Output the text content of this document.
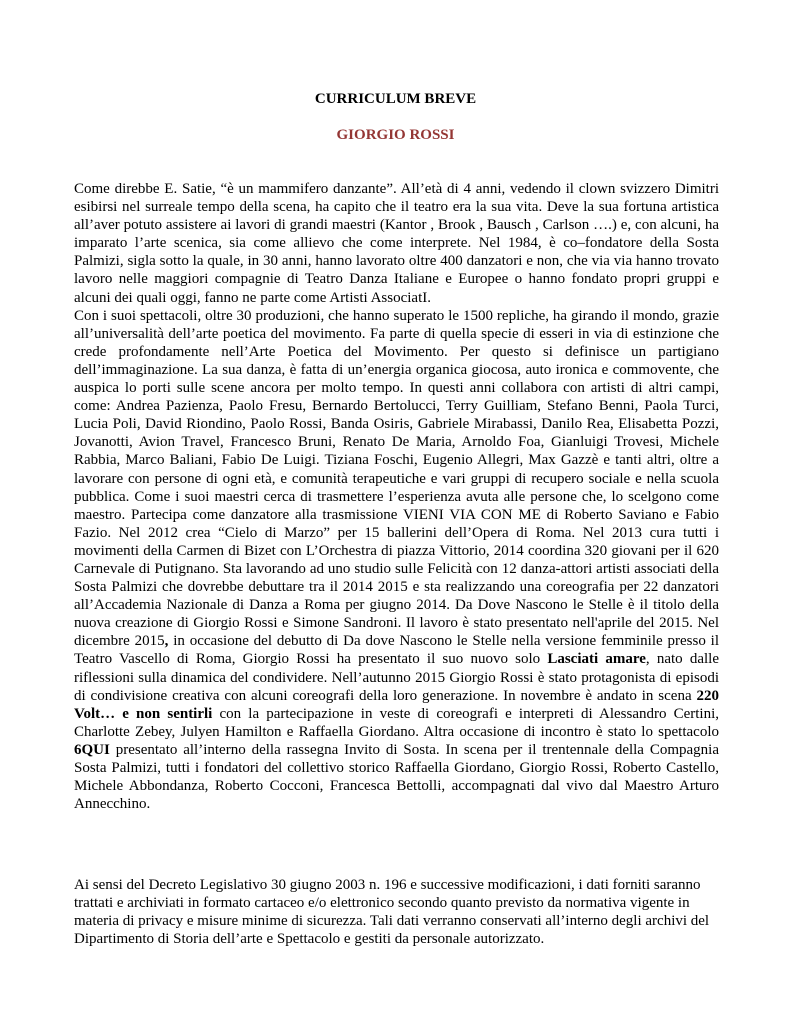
CURRICULUM BREVE
GIORGIO ROSSI

Come direbbe E. Satie, “è un mammifero danzante”. All’età di 4 anni, vedendo il clown svizzero Dimitri esibirsi nel surreale tempo della scena, ha capito che il teatro era la sua vita. Deve la sua fortuna artistica all’aver potuto assistere ai lavori di grandi maestri (Kantor , Brook , Bausch , Carlson ….) e, con alcuni, ha imparato l’arte scenica, sia come allievo che come interprete. Nel 1984, è co–fondatore della Sosta Palmizi, sigla sotto la quale, in 30 anni, hanno lavorato oltre 400 danzatori e non, che via via hanno trovato lavoro nelle maggiori compagnie di Teatro Danza Italiane e Europee o hanno fondato propri gruppi e alcuni dei quali oggi, fanno ne parte come Artisti AssociatI.

Con i suoi spettacoli, oltre 30 produzioni, che hanno superato le 1500 repliche, ha girando il mondo, grazie all’universalità dell’arte poetica del movimento. Fa parte di quella specie di esseri in via di estinzione che crede profondamente nell’Arte Poetica del Movimento. Per questo si definisce un partigiano dell’immaginazione. La sua danza, è fatta di un’energia organica giocosa, auto ironica e commovente, che auspica lo porti sulle scene ancora per molto tempo. In questi anni collabora con artisti di altri campi, come: Andrea Pazienza, Paolo Fresu, Bernardo Bertolucci, Terry Guilliam, Stefano Benni, Paola Turci, Lucia Poli, David Riondino, Paolo Rossi, Banda Osiris, Gabriele Mirabassi, Danilo Rea, Elisabetta Pozzi, Jovanotti, Avion Travel, Francesco Bruni, Renato De Maria, Arnoldo Foa, Gianluigi Trovesi, Michele Rabbia, Marco Baliani, Fabio De Luigi. Tiziana Foschi, Eugenio Allegri, Max Gazzè e tanti altri, oltre a lavorare con persone di ogni età, e comunità terapeutiche e vari gruppi di recupero sociale e nella scuola pubblica. Come i suoi maestri cerca di trasmettere l’esperienza avuta alle persone che, lo scelgono come maestro. Partecipa come danzatore alla trasmissione VIENI VIA CON ME di Roberto Saviano e Fabio Fazio. Nel 2012 crea “Cielo di Marzo” per 15 ballerini dell’Opera di Roma. Nel 2013 cura tutti i movimenti della Carmen di Bizet con L’Orchestra di piazza Vittorio, 2014 coordina 320 giovani per il 620 Carnevale di Putignano. Sta lavorando ad uno studio sulle Felicità con 12 danza-attori artisti associati della Sosta Palmizi che dovrebbe debuttare tra il 2014 2015 e sta realizzando una coreografia per 22 danzatori all’Accademia Nazionale di Danza a Roma per giugno 2014. Da Dove Nascono le Stelle è il titolo della nuova creazione di Giorgio Rossi e Simone Sandroni. Il lavoro è stato presentato nell'aprile del 2015. Nel dicembre 2015, in occasione del debutto di Da dove Nascono le Stelle nella versione femminile presso il Teatro Vascello di Roma, Giorgio Rossi ha presentato il suo nuovo solo Lasciati amare, nato dalle riflessioni sulla dinamica del condividere. Nell’autunno 2015 Giorgio Rossi è stato protagonista di episodi di condivisione creativa con alcuni coreografi della loro generazione. In novembre è andato in scena 220 Volt… e non sentirli con la partecipazione in veste di coreografi e interpreti di Alessandro Certini, Charlotte Zebey, Julyen Hamilton e Raffaella Giordano. Altra occasione di incontro è stato lo spettacolo 6QUI presentato all’interno della rassegna Invito di Sosta. In scena per il trentennale della Compagnia Sosta Palmizi, tutti i fondatori del collettivo storico Raffaella Giordano, Giorgio Rossi, Roberto Castello, Michele Abbondanza, Roberto Cocconi, Francesca Bettolli, accompagnati dal vivo dal Maestro Arturo Annecchino.

Ai sensi del Decreto Legislativo 30 giugno 2003 n. 196 e successive modificazioni, i dati forniti saranno trattati e archiviati in formato cartaceo e/o elettronico secondo quanto previsto da normativa vigente in materia di privacy e misure minime di sicurezza. Tali dati verranno conservati all’interno degli archivi del Dipartimento di Storia dell’arte e Spettacolo e gestiti da personale autorizzato.
